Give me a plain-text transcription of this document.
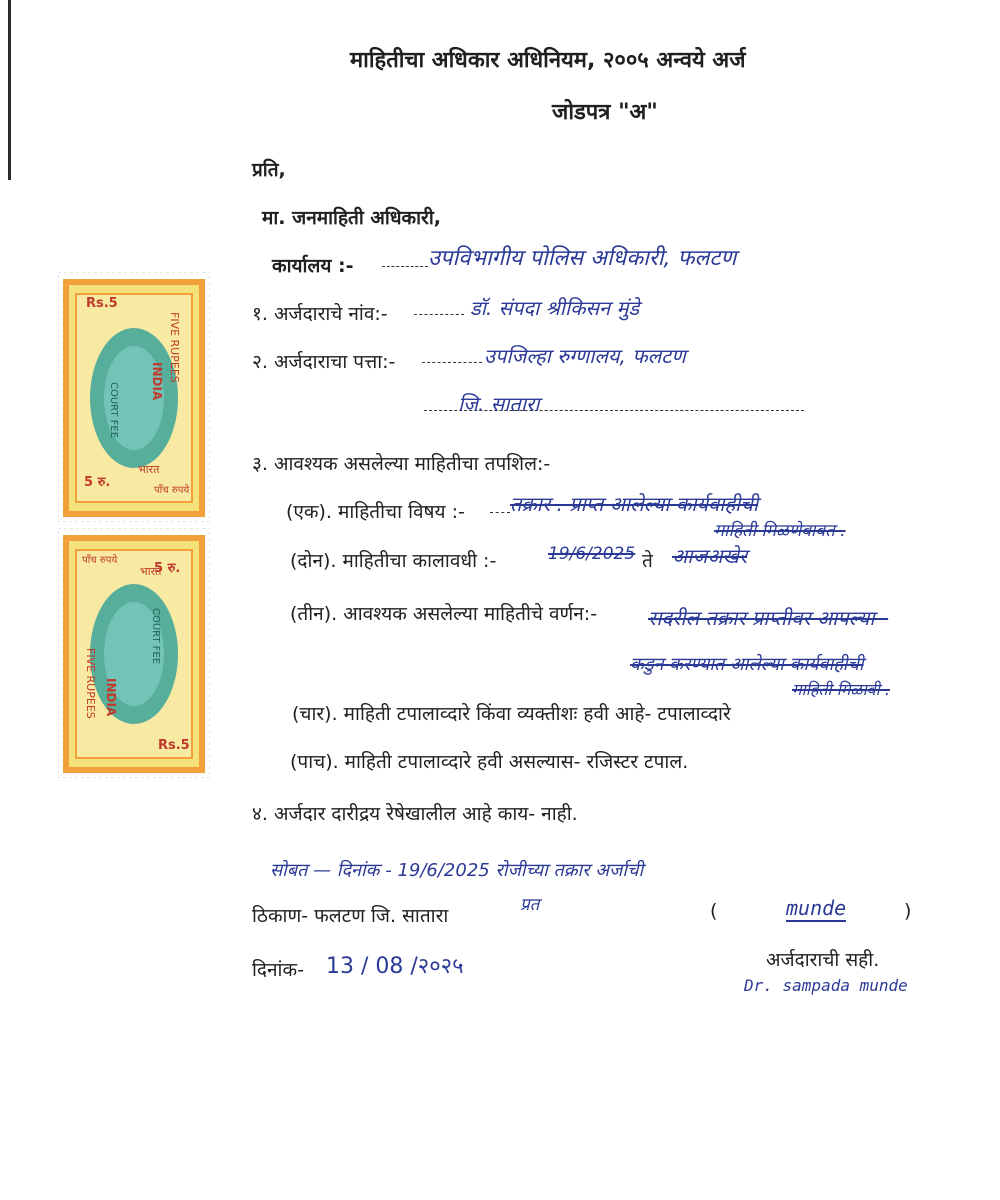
माहितीचा अधिकार अधिनियम, २००५ अन्वये अर्ज
जोडपत्र "अ"
प्रति,
मा. जनमाहिती अधिकारी,
कार्यालय :-	उपविभागीय पोलिस अधिकारी, फलटण
१. अर्जदाराचे नांव:-	डॉ. संपदा श्रीकिसन मुंडे
२. अर्जदाराचा पत्ता:-	उपजिल्हा रुग्णालय, फलटण
जि. सातारा
३. आवश्यक असलेल्या माहितीचा तपशिल:-
(एक). माहितीचा विषय :- तक्रार . प्राप्त आलेल्या कार्यवाहीची
माहिती मिळणेबाबत .
(दोन). माहितीचा कालावधी :-	19/6/2025 ते आजअखेर
(तीन). आवश्यक असलेल्या माहितीचे वर्णन:-	सदरील तक्रार प्राप्तीवर आपल्या -
कडुन करण्यात आलेल्या कार्यवाहीची
माहिती मिळावी .
(चार). माहिती टपालाव्दारे किंवा व्यक्तीशः हवी आहे- टपालाव्दारे
(पाच). माहिती टपालाव्दारे हवी असल्यास- रजिस्टर टपाल.
४. अर्जदार दारीद्रय रेषेखालील आहे काय- नाही.
सोबत — दिनांक - 19/6/2025 रोजीच्या तक्रार अर्जाची
प्रत
ठिकाण- फलटण जि. सातारा	(	munde	)
दिनांक- 13 / 08 /२०२५	अर्जदाराची सही.
Dr. sampada munde
Rs.5
FIVE RUPEES
INDIA
COURT FEE
5 रु.
भारत
पाँच रुपये
पाँच रुपये
भारत
5 रु.
COURT FEE
FIVE RUPEES INDIA
Rs.5
